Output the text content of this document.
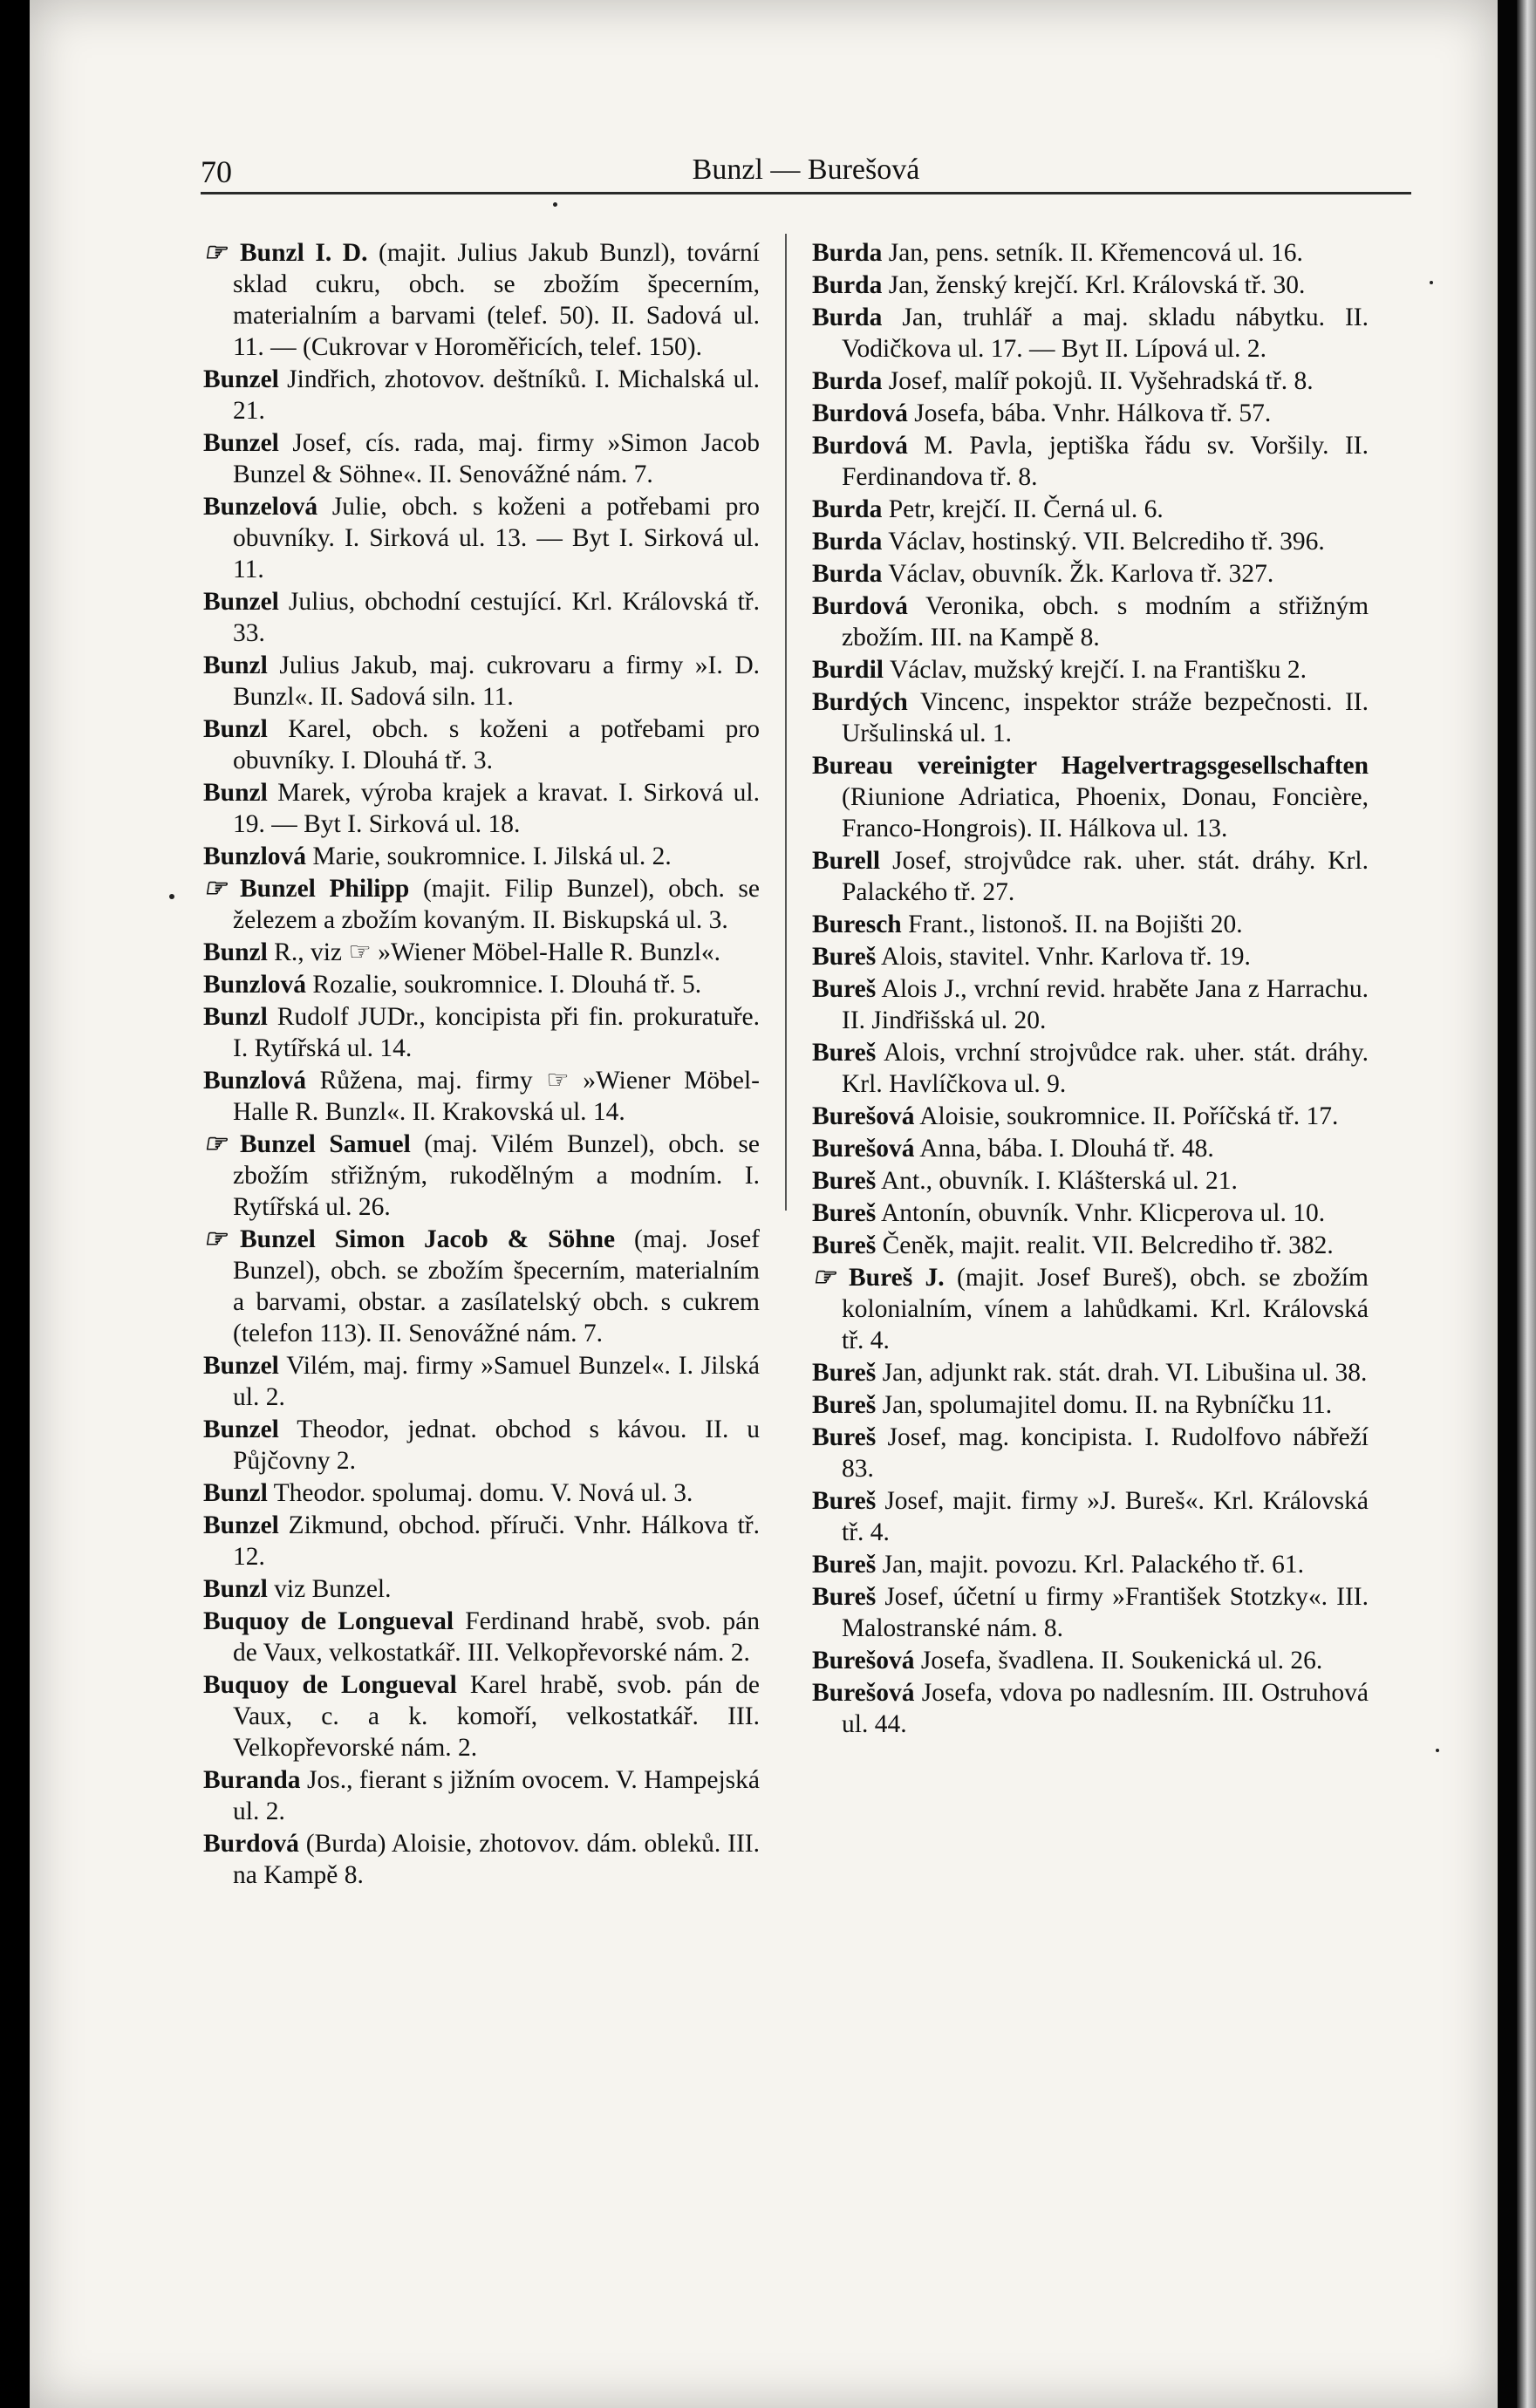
70	Bunzl — Burešová

☞ Bunzl I. D. (majit. Julius Jakub Bunzl), tovární sklad cukru, obch. se zbožím špecerním, materialním a barvami (telef. 50). II. Sadová ul. 11. — (Cukrovar v Horoměřicích, telef. 150).

Bunzel Jindřich, zhotovov. deštníků. I. Michalská ul. 21.

Bunzel Josef, cís. rada, maj. firmy »Simon Jacob Bunzel & Söhne«. II. Senovážné nám. 7.

Bunzelová Julie, obch. s koženi a potřebami pro obuvníky. I. Sirková ul. 13. — Byt I. Sirková ul. 11.

Bunzel Julius, obchodní cestující. Krl. Královská tř. 33.

Bunzl Julius Jakub, maj. cukrovaru a firmy »I. D. Bunzl«. II. Sadová siln. 11.

Bunzl Karel, obch. s koženi a potřebami pro obuvníky. I. Dlouhá tř. 3.

Bunzl Marek, výroba krajek a kravat. I. Sirková ul. 19. — Byt I. Sirková ul. 18.

Bunzlová Marie, soukromnice. I. Jilská ul. 2.

☞ Bunzel Philipp (majit. Filip Bunzel), obch. se železem a zbožím kovaným. II. Biskupská ul. 3.

Bunzl R., viz ☞ »Wiener Möbel-Halle R. Bunzl«.

Bunzlová Rozalie, soukromnice. I. Dlouhá tř. 5.

Bunzl Rudolf JUDr., koncipista při fin. prokuratuře. I. Rytířská ul. 14.

Bunzlová Růžena, maj. firmy ☞ »Wiener Möbel-Halle R. Bunzl«. II. Krakovská ul. 14.

☞ Bunzel Samuel (maj. Vilém Bunzel), obch. se zbožím střižným, rukodělným a modním. I. Rytířská ul. 26.

☞ Bunzel Simon Jacob & Söhne (maj. Josef Bunzel), obch. se zbožím špecerním, materialním a barvami, obstar. a zasílatelský obch. s cukrem (telefon 113). II. Senovážné nám. 7.

Bunzel Vilém, maj. firmy »Samuel Bunzel«. I. Jilská ul. 2.

Bunzel Theodor, jednat. obchod s kávou. II. u Půjčovny 2.

Bunzl Theodor. spolumaj. domu. V. Nová ul. 3.

Bunzel Zikmund, obchod. příruči. Vnhr. Hálkova tř. 12.

Bunzl viz Bunzel.

Buquoy de Longueval Ferdinand hrabě, svob. pán de Vaux, velkostatkář. III. Velkopřevorské nám. 2.

Buquoy de Longueval Karel hrabě, svob. pán de Vaux, c. a k. komoří, velkostatkář. III. Velkopřevorské nám. 2.

Buranda Jos., fierant s jižním ovocem. V. Hampejská ul. 2.

Burdová (Burda) Aloisie, zhotovov. dám. obleků. III. na Kampě 8.

Burda Jan, pens. setník. II. Křemencová ul. 16.

Burda Jan, ženský krejčí. Krl. Královská tř. 30.

Burda Jan, truhlář a maj. skladu nábytku. II. Vodičkova ul. 17. — Byt II. Lípová ul. 2.

Burda Josef, malíř pokojů. II. Vyšehradská tř. 8.

Burdová Josefa, bába. Vnhr. Hálkova tř. 57.

Burdová M. Pavla, jeptiška řádu sv. Voršily. II. Ferdinandova tř. 8.

Burda Petr, krejčí. II. Černá ul. 6.

Burda Václav, hostinský. VII. Belcrediho tř. 396.

Burda Václav, obuvník. Žk. Karlova tř. 327.

Burdová Veronika, obch. s modním a střižným zbožím. III. na Kampě 8.

Burdil Václav, mužský krejčí. I. na Františku 2.

Burdých Vincenc, inspektor stráže bezpečnosti. II. Uršulinská ul. 1.

Bureau vereinigter Hagelvertragsgesellschaften (Riunione Adriatica, Phoenix, Donau, Foncière, Franco-Hongrois). II. Hálkova ul. 13.

Burell Josef, strojvůdce rak. uher. stát. dráhy. Krl. Palackého tř. 27.

Buresch Frant., listonoš. II. na Bojišti 20.

Bureš Alois, stavitel. Vnhr. Karlova tř. 19.

Bureš Alois J., vrchní revid. hraběte Jana z Harrachu. II. Jindřišská ul. 20.

Bureš Alois, vrchní strojvůdce rak. uher. stát. dráhy. Krl. Havlíčkova ul. 9.

Burešová Aloisie, soukromnice. II. Poříčská tř. 17.

Burešová Anna, bába. I. Dlouhá tř. 48.

Bureš Ant., obuvník. I. Klášterská ul. 21.

Bureš Antonín, obuvník. Vnhr. Klicperova ul. 10.

Bureš Čeněk, majit. realit. VII. Belcrediho tř. 382.

☞ Bureš J. (majit. Josef Bureš), obch. se zbožím kolonialním, vínem a lahůdkami. Krl. Královská tř. 4.

Bureš Jan, adjunkt rak. stát. drah. VI. Libušina ul. 38.

Bureš Jan, spolumajitel domu. II. na Rybníčku 11.

Bureš Josef, mag. koncipista. I. Rudolfovo nábřeží 83.

Bureš Josef, majit. firmy »J. Bureš«. Krl. Královská tř. 4.

Bureš Jan, majit. povozu. Krl. Palackého tř. 61.

Bureš Josef, účetní u firmy »František Stotzky«. III. Malostranské nám. 8.

Burešová Josefa, švadlena. II. Soukenická ul. 26.

Burešová Josefa, vdova po nadlesním. III. Ostruhová ul. 44.
